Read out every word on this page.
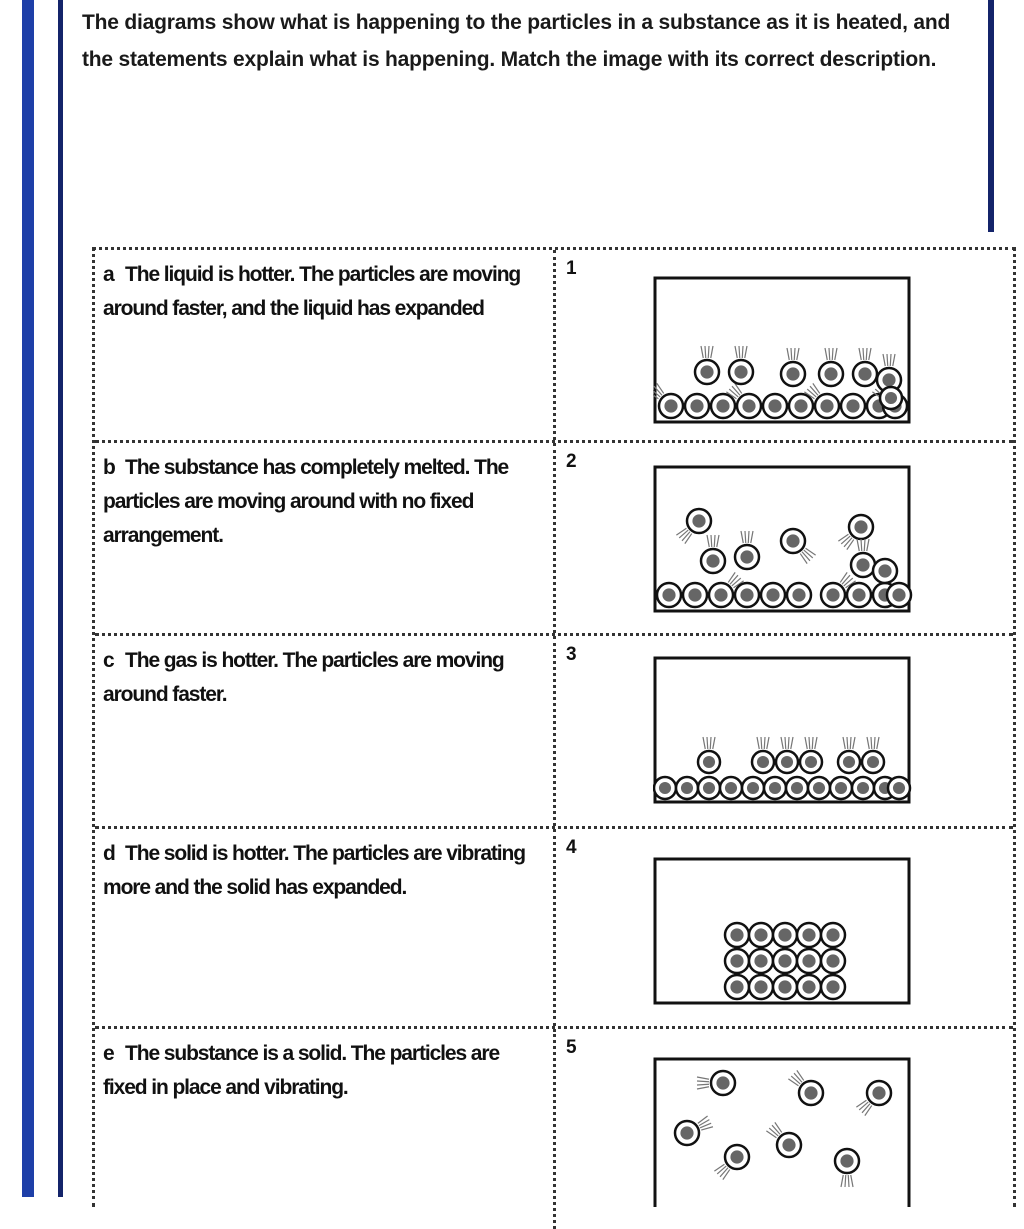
The diagrams show what is happening to the particles in a substance as it is heated, and the statements explain what is happening. Match the image with its correct description.
a The liquid is hotter. The particles are moving around faster, and the liquid has expanded
1
b The substance has completely melted. The particles are moving around with no fixed arrangement.
2
c The gas is hotter. The particles are moving around faster.
3
d The solid is hotter. The particles are vibrating more and the solid has expanded.
4
e The substance is a solid. The particles are fixed in place and vibrating.
5
